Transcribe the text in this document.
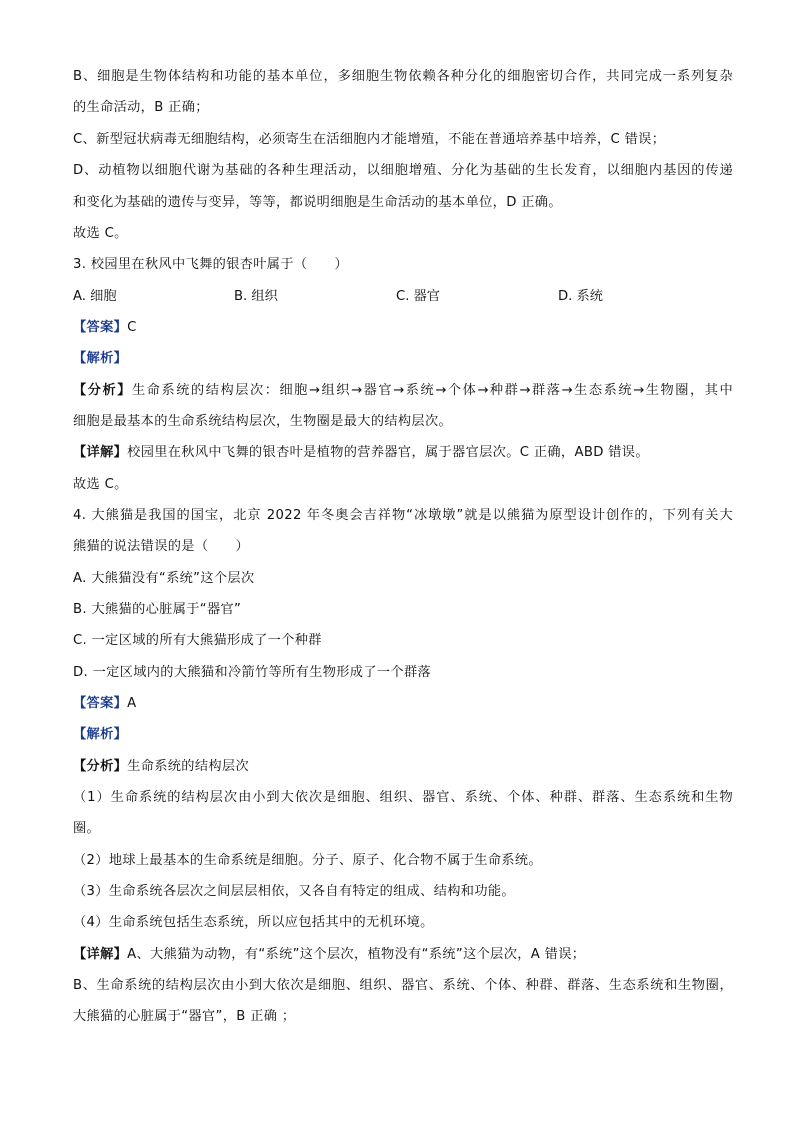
B、细胞是生物体结构和功能的基本单位，多细胞生物依赖各种分化的细胞密切合作，共同完成一系列复杂
的生命活动，B 正确；
C、新型冠状病毒无细胞结构，必须寄生在活细胞内才能增殖，不能在普通培养基中培养，C 错误；
D、动植物以细胞代谢为基础的各种生理活动，以细胞增殖、分化为基础的生长发育，以细胞内基因的传递
和变化为基础的遗传与变异，等等，都说明细胞是生命活动的基本单位，D 正确。
故选 C。
3. 校园里在秋风中飞舞的银杏叶属于（　　）
A. 细胞	B. 组织	C. 器官	D. 系统
【答案】C
【解析】
【分析】生命系统的结构层次：细胞→组织→器官→系统→个体→种群→群落→生态系统→生物圈，其中
细胞是最基本的生命系统结构层次，生物圈是最大的结构层次。
【详解】校园里在秋风中飞舞的银杏叶是植物的营养器官，属于器官层次。C 正确，ABD 错误。
故选 C。
4. 大熊猫是我国的国宝，北京 2022 年冬奥会吉祥物“冰墩墩”就是以熊猫为原型设计创作的，下列有关大
熊猫的说法错误的是（　　）
A. 大熊猫没有“系统”这个层次
B. 大熊猫的心脏属于“器官”
C. 一定区域的所有大熊猫形成了一个种群
D. 一定区域内的大熊猫和冷箭竹等所有生物形成了一个群落
【答案】A
【解析】
【分析】生命系统的结构层次
（1）生命系统的结构层次由小到大依次是细胞、组织、器官、系统、个体、种群、群落、生态系统和生物
圈。
（2）地球上最基本的生命系统是细胞。分子、原子、化合物不属于生命系统。
（3）生命系统各层次之间层层相依，又各自有特定的组成、结构和功能。
（4）生命系统包括生态系统，所以应包括其中的无机环境。
【详解】A、大熊猫为动物，有“系统”这个层次，植物没有“系统”这个层次，A 错误；
B、生命系统的结构层次由小到大依次是细胞、组织、器官、系统、个体、种群、群落、生态系统和生物圈，
大熊猫的心脏属于“器官”，B 正确 ；
